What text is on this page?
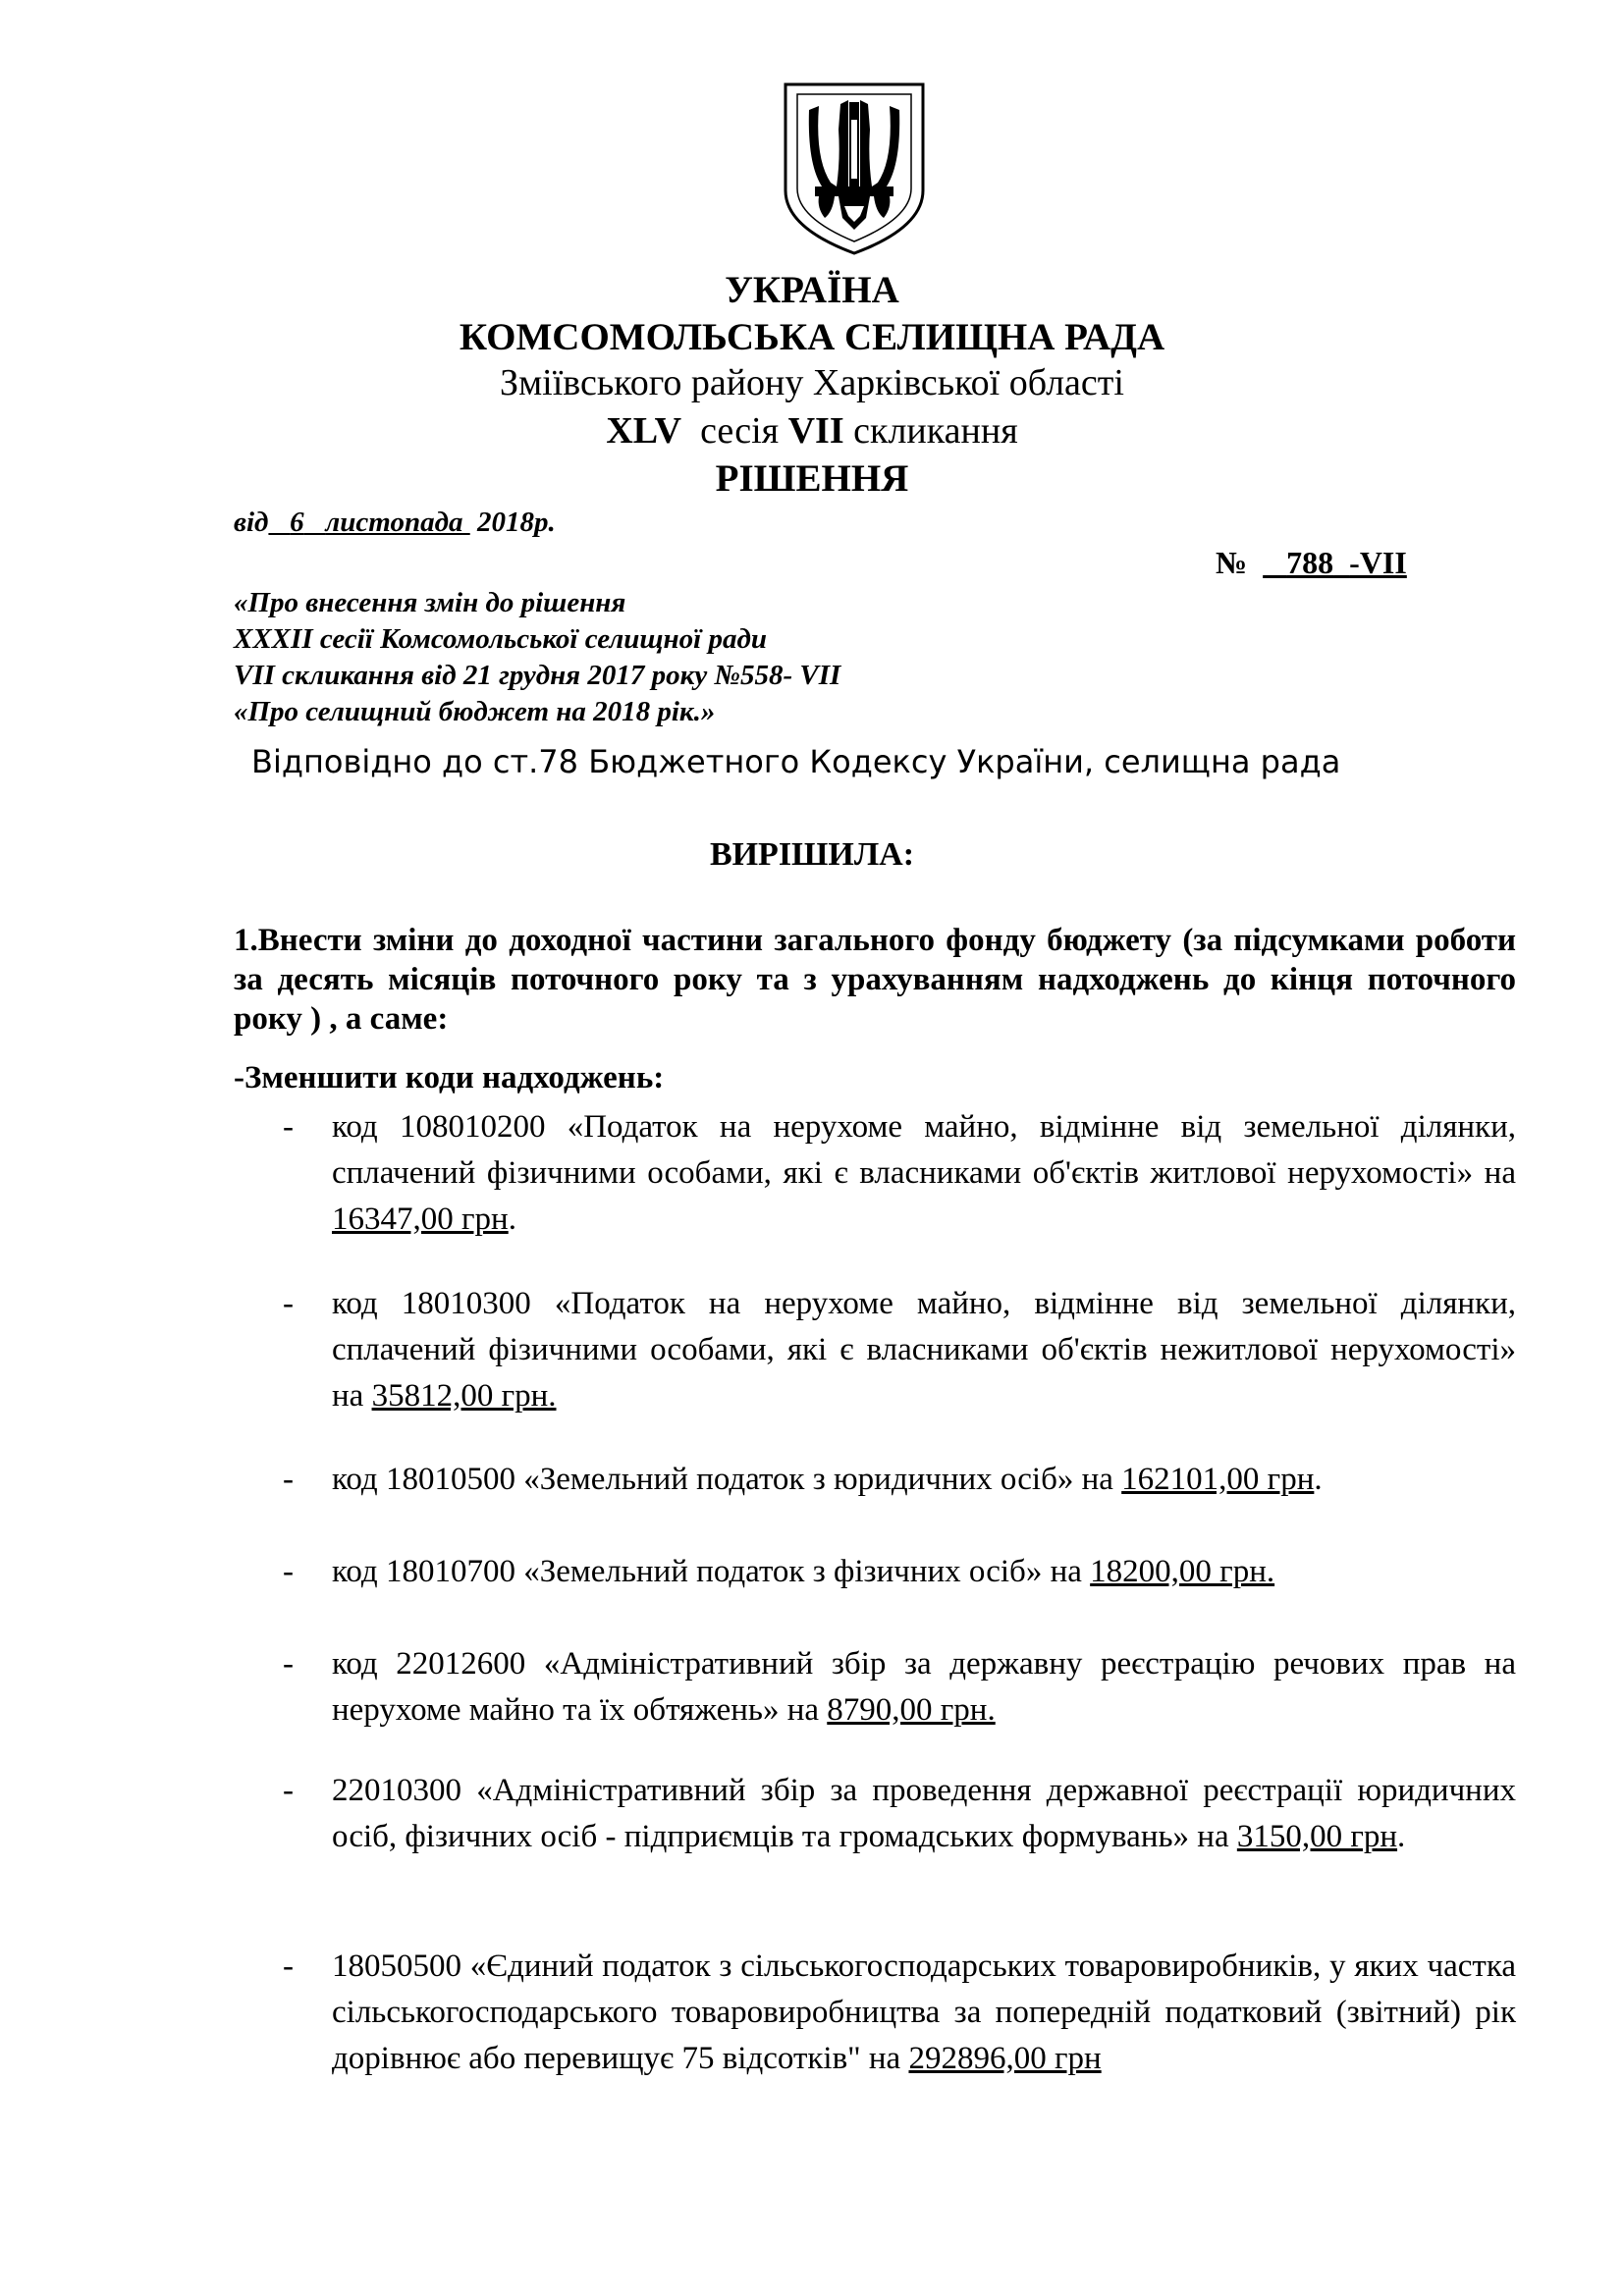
УКРАЇНА
КОМСОМОЛЬСЬКА СЕЛИЩНА РАДА
Зміївського району Харківської області
XLV сесія VII скликання
РІШЕННЯ
від 6 листопада 2018р.
№   _788_-VII
«Про внесення змін до рішення
XXXII сесії Комсомольської селищної ради
VII скликання від 21 грудня 2017 року №558- VII
«Про селищний бюджет на 2018 рік.»
Відповідно до ст.78 Бюджетного Кодексу України, селищна рада
ВИРІШИЛА:
1.Внести зміни до доходної частини загального фонду бюджету (за підсумками роботи за десять місяців поточного року та з урахуванням надходжень до кінця поточного року ) , а саме:
-Зменшити коди надходжень:
- код 108010200 «Податок на нерухоме майно, відмінне від земельної ділянки, сплачений фізичними особами, які є власниками об'єктів житлової нерухомості» на 16347,00 грн.
- код 18010300 «Податок на нерухоме майно, відмінне від земельної ділянки, сплачений фізичними особами, які є власниками об'єктів нежитлової нерухомості» на 35812,00 грн.
- код 18010500 «Земельний податок з юридичних осіб» на 162101,00 грн.
- код 18010700 «Земельний податок з фізичних осіб» на 18200,00 грн.
- код 22012600 «Адміністративний збір за державну реєстрацію речових прав на нерухоме майно та їх обтяжень» на 8790,00 грн.
- 22010300 «Адміністративний збір за проведення державної реєстрації юридичних осіб, фізичних осіб - підприємців та громадських формувань» на 3150,00 грн.
- 18050500 «Єдиний податок з сільськогосподарських товаровиробників, у яких частка сільськогосподарського товаровиробництва за попередній податковий (звітний) рік дорівнює або перевищує 75 відсотків" на 292896,00 грн
